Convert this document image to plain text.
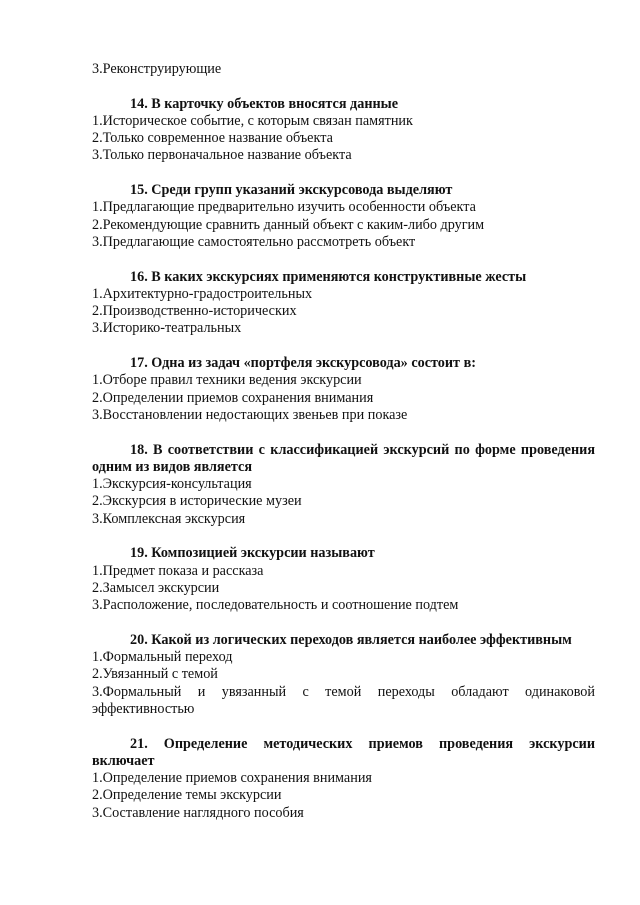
3.Реконструирующие
14. В карточку объектов вносятся данные
1.Историческое событие, с которым связан памятник
2.Только современное название объекта
3.Только первоначальное название объекта
15. Среди групп указаний экскурсовода выделяют
1.Предлагающие предварительно изучить особенности объекта
2.Рекомендующие сравнить данный объект с каким-либо другим
3.Предлагающие самостоятельно рассмотреть объект
16. В каких экскурсиях применяются конструктивные жесты
1.Архитектурно-градостроительных
2.Производственно-исторических
3.Историко-театральных
17. Одна из задач «портфеля экскурсовода» состоит в:
1.Отборе правил техники ведения экскурсии
2.Определении приемов сохранения внимания
3.Восстановлении недостающих звеньев при показе
18. В соответствии с классификацией экскурсий по форме проведения одним из видов является
1.Экскурсия-консультация
2.Экскурсия в исторические музеи
3.Комплексная экскурсия
19. Композицией экскурсии называют
1.Предмет показа и рассказа
2.Замысел экскурсии
3.Расположение, последовательность и соотношение подтем
20. Какой из логических переходов является наиболее эффективным
1.Формальный переход
2.Увязанный с темой
3.Формальный и увязанный с темой переходы обладают одинаковой эффективностью
21. Определение методических приемов проведения экскурсии включает
1.Определение приемов сохранения внимания
2.Определение темы экскурсии
3.Составление наглядного пособия
